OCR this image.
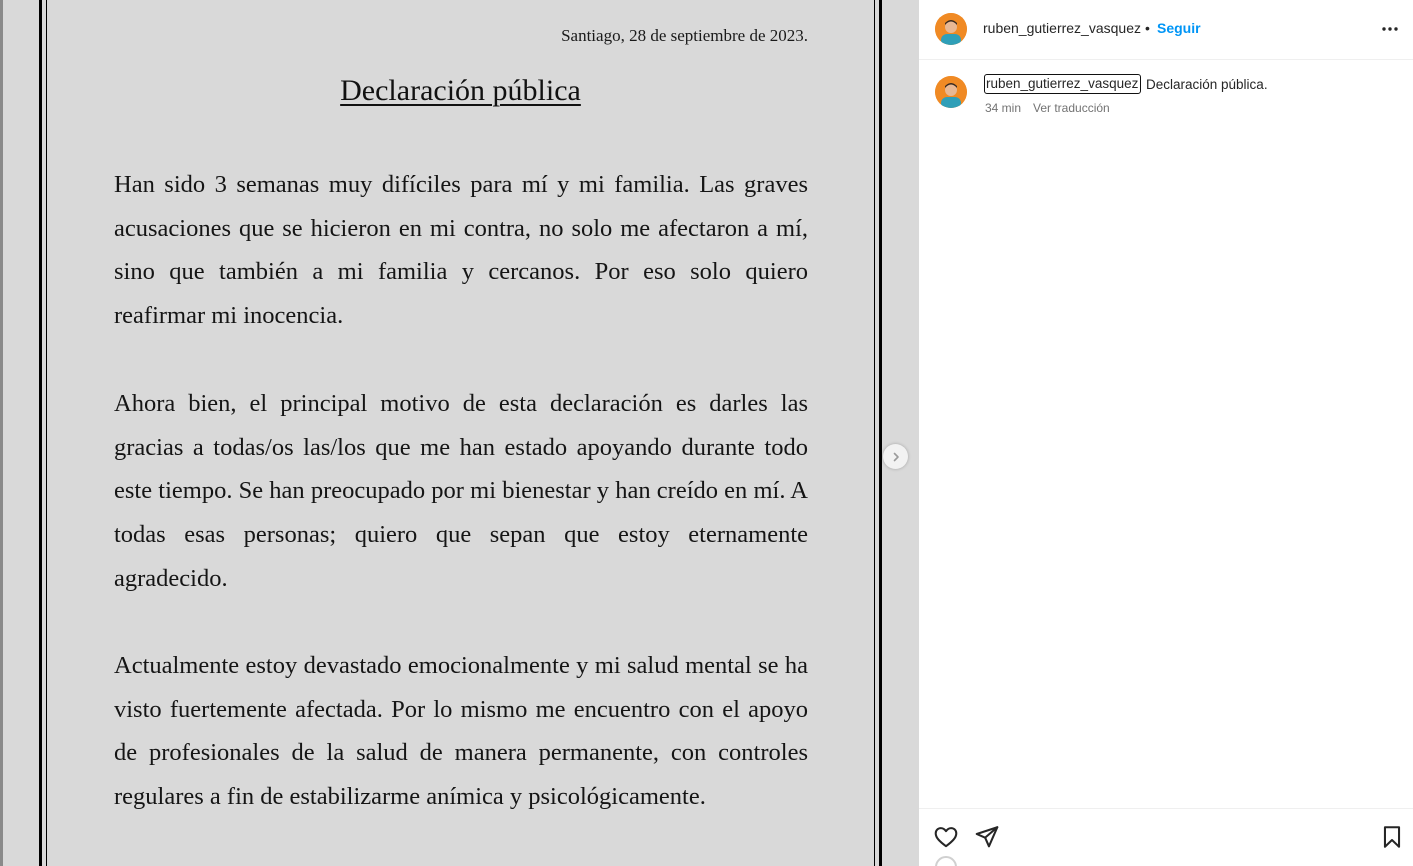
Santiago, 28 de septiembre de 2023.
Declaración pública

Han sido 3 semanas muy difíciles para mí y mi familia. Las graves acusaciones que se hicieron en mi contra, no solo me afectaron a mí, sino que también a mi familia y cercanos. Por eso solo quiero reafirmar mi inocencia.

Ahora bien, el principal motivo de esta declaración es darles las gracias a todas/os las/los que me han estado apoyando durante todo este tiempo. Se han preocupado por mi bienestar y han creído en mí. A todas esas personas; quiero que sepan que estoy eternamente agradecido.

Actualmente estoy devastado emocionalmente y mi salud mental se ha visto fuertemente afectada. Por lo mismo me encuentro con el apoyo de profesionales de la salud de manera permanente, con controles regulares a fin de estabilizarme anímica y psicológicamente.

ruben_gutierrez_vasquez • Seguir
ruben_gutierrez_vasquez Declaración pública.
34 min Ver traducción
